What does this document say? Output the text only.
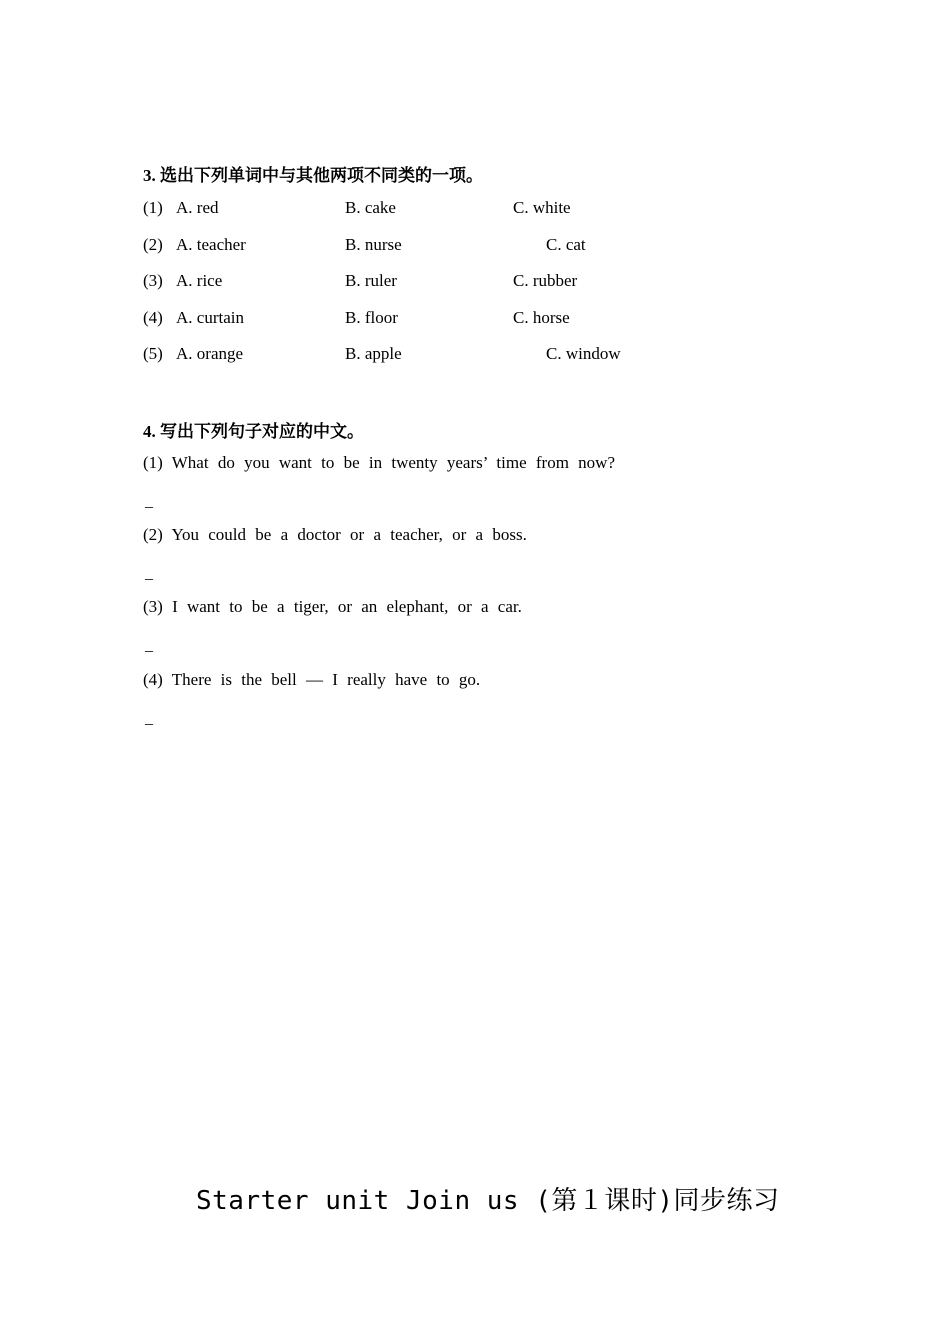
3. 选出下列单词中与其他两项不同类的一项。
(1) A. red	B. cake	C. white
(2) A. teacher	B. nurse	C. cat
(3) A. rice	B. ruler	C. rubber
(4) A. curtain	B. floor	C. horse
(5) A. orange	B. apple	C. window
4. 写出下列句子对应的中文。
(1) What do you want to be in twenty years’ time from now?
_
(2) You could be a doctor or a teacher, or a boss.
_
(3) I want to be a tiger, or an elephant, or a car.
_
(4) There is the bell — I really have to go.
_
Starter unit Join us (第１课时)同步练习
